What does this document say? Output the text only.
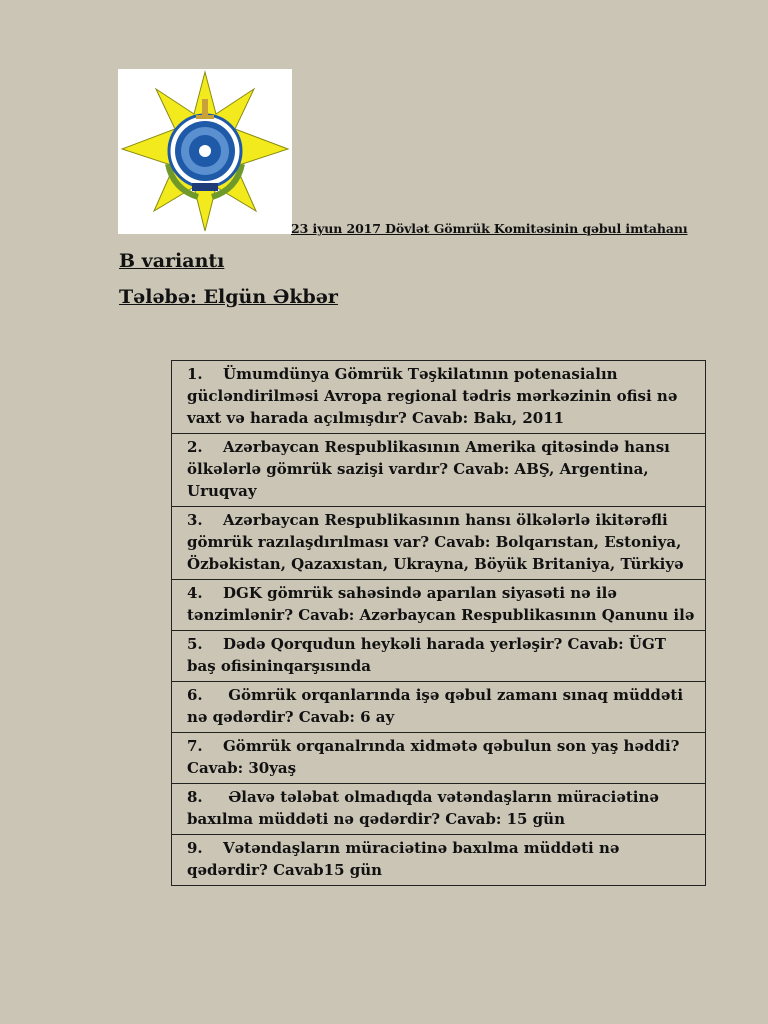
23 iyun 2017 Dövlət Gömrük Komitəsinin qəbul imtahanı
B variantı
Tələbə: Elgün Əkbər
1. Ümumdünya Gömrük Təşkilatının potenasialın gücləndirilməsi Avropa regional tədris mərkəzinin ofisi nə vaxt və harada açılmışdır? Cavab: Bakı, 2011
2. Azərbaycan Respublikasının Amerika qitəsində hansı ölkələrlə gömrük sazişi vardır? Cavab: ABŞ, Argentina, Uruqvay
3. Azərbaycan Respublikasının hansı ölkələrlə ikitərəfli gömrük razılaşdırılması var? Cavab: Bolqarıstan, Estoniya, Özbəkistan, Qazaxıstan, Ukrayna, Böyük Britaniya, Türkiyə
4. DGK gömrük sahəsində aparılan siyasəti nə ilə tənzimlənir? Cavab: Azərbaycan Respublikasının Qanunu ilə
5. Dədə Qorqudun heykəli harada yerləşir? Cavab: ÜGT baş ofisininqarşısında
6. Gömrük orqanlarında işə qəbul zamanı sınaq müddəti nə qədərdir? Cavab: 6 ay
7. Gömrük orqanalrında xidmətə qəbulun son yaş həddi? Cavab: 30yaş
8. Əlavə tələbat olmadıqda vətəndaşların müraciətinə baxılma müddəti nə qədərdir? Cavab: 15 gün
9. Vətəndaşların müraciətinə baxılma müddəti nə qədərdir? Cavab15 gün
